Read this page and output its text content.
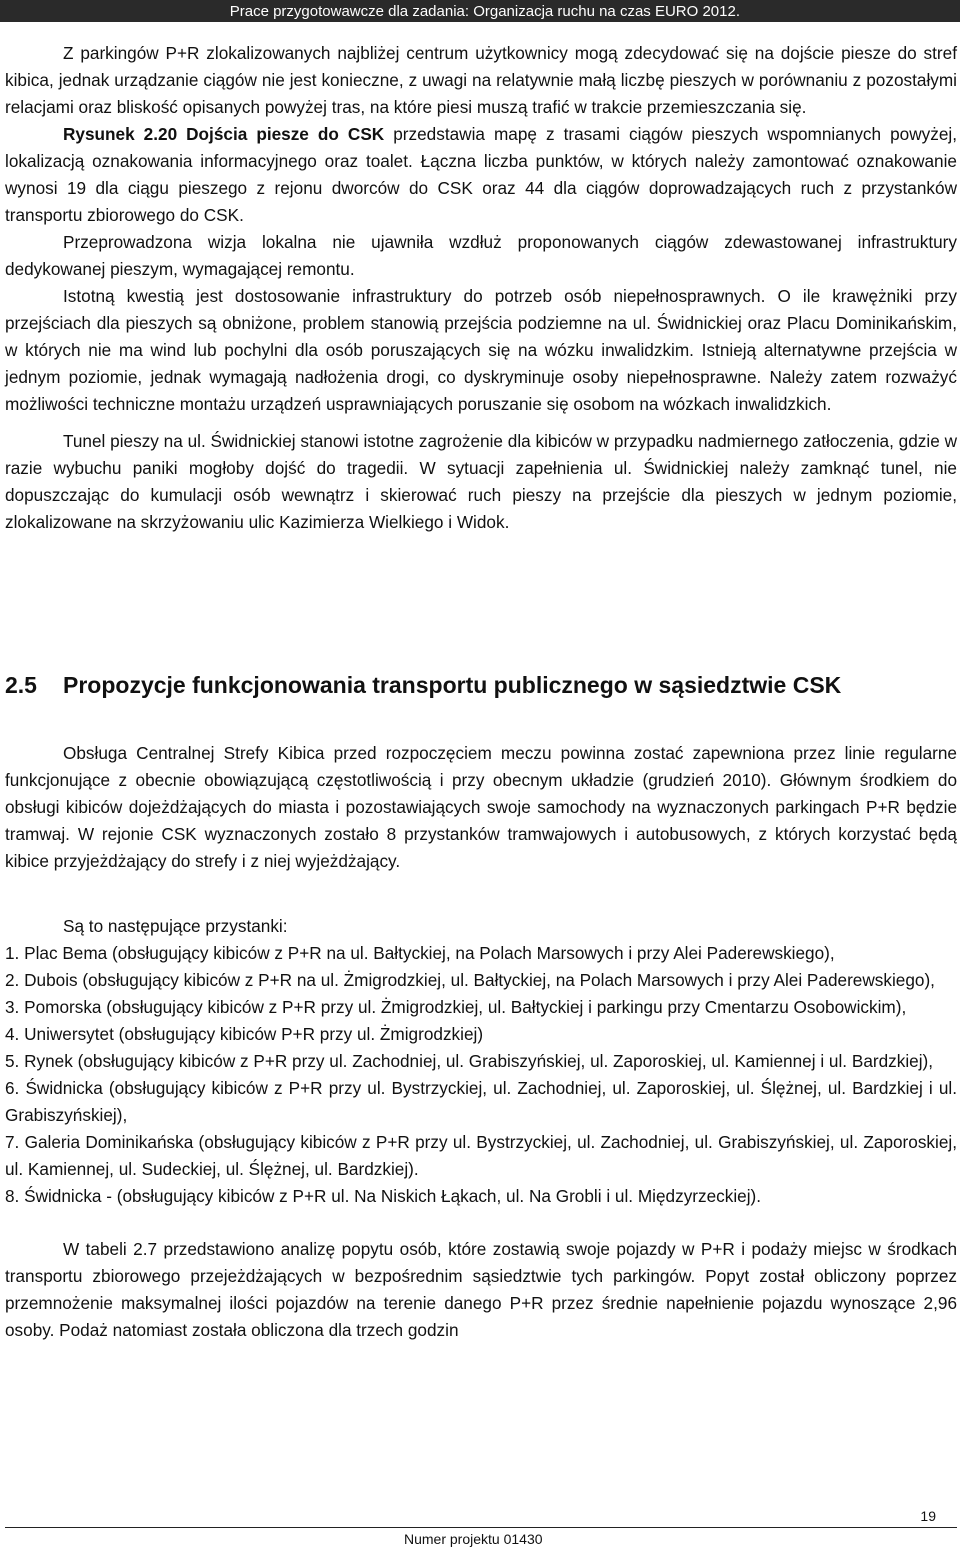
Prace przygotowawcze dla zadania: Organizacja ruchu na czas EURO 2012.

Z parkingów P+R zlokalizowanych najbliżej centrum użytkownicy mogą zdecydować się na dojście piesze do stref kibica, jednak urządzanie ciągów nie jest konieczne, z uwagi na relatywnie małą liczbę pieszych w porównaniu z pozostałymi relacjami oraz bliskość opisanych powyżej tras, na które piesi muszą trafić w trakcie przemieszczania się.

Rysunek 2.20 Dojścia piesze do CSK przedstawia mapę z trasami ciągów pieszych wspomnianych powyżej, lokalizacją oznakowania informacyjnego oraz toalet. Łączna liczba punktów, w których należy zamontować oznakowanie wynosi 19 dla ciągu pieszego z rejonu dworców do CSK oraz 44 dla ciągów doprowadzających ruch z przystanków transportu zbiorowego do CSK.

Przeprowadzona wizja lokalna nie ujawniła wzdłuż proponowanych ciągów zdewastowanej infrastruktury dedykowanej pieszym, wymagającej remontu.

Istotną kwestią jest dostosowanie infrastruktury do potrzeb osób niepełnosprawnych. O ile krawężniki przy przejściach dla pieszych są obniżone, problem stanowią przejścia podziemne na ul. Świdnickiej oraz Placu Dominikańskim, w których nie ma wind lub pochylni dla osób poruszających się na wózku inwalidzkim. Istnieją alternatywne przejścia w jednym poziomie, jednak wymagają nadłożenia drogi, co dyskryminuje osoby niepełnosprawne. Należy zatem rozważyć możliwości techniczne montażu urządzeń usprawniających poruszanie się osobom na wózkach inwalidzkich.

Tunel pieszy na ul. Świdnickiej stanowi istotne zagrożenie dla kibiców w przypadku nadmiernego zatłoczenia, gdzie w razie wybuchu paniki mogłoby dojść do tragedii. W sytuacji zapełnienia ul. Świdnickiej należy zamknąć tunel, nie dopuszczając do kumulacji osób wewnątrz i skierować ruch pieszy na przejście dla pieszych w jednym poziomie, zlokalizowane na skrzyżowaniu ulic Kazimierza Wielkiego i Widok.

2.5 Propozycje funkcjonowania transportu publicznego w sąsiedztwie CSK

Obsługa Centralnej Strefy Kibica przed rozpoczęciem meczu powinna zostać zapewniona przez linie regularne funkcjonujące z obecnie obowiązującą częstotliwością i przy obecnym układzie (grudzień 2010). Głównym środkiem do obsługi kibiców dojeżdżających do miasta i pozostawiających swoje samochody na wyznaczonych parkingach P+R będzie tramwaj. W rejonie CSK wyznaczonych zostało 8 przystanków tramwajowych i autobusowych, z których korzystać będą kibice przyjeżdżający do strefy i z niej wyjeżdżający.

Są to następujące przystanki:

1. Plac Bema (obsługujący kibiców z P+R na ul. Bałtyckiej, na Polach Marsowych i przy Alei Paderewskiego),

2. Dubois (obsługujący kibiców z P+R na ul. Żmigrodzkiej, ul. Bałtyckiej, na Polach Marsowych i przy Alei Paderewskiego),

3. Pomorska (obsługujący kibiców z P+R przy ul. Żmigrodzkiej, ul. Bałtyckiej i parkingu przy Cmentarzu Osobowickim),

4. Uniwersytet (obsługujący kibiców P+R przy ul. Żmigrodzkiej)

5. Rynek (obsługujący kibiców z P+R przy ul. Zachodniej, ul. Grabiszyńskiej, ul. Zaporoskiej, ul. Kamiennej i ul. Bardzkiej),

6. Świdnicka (obsługujący kibiców z P+R przy ul. Bystrzyckiej, ul. Zachodniej, ul. Zaporoskiej, ul. Ślężnej, ul. Bardzkiej i ul. Grabiszyńskiej),

7. Galeria Dominikańska (obsługujący kibiców z P+R przy ul. Bystrzyckiej, ul. Zachodniej, ul. Grabiszyńskiej, ul. Zaporoskiej, ul. Kamiennej, ul. Sudeckiej, ul. Ślężnej, ul. Bardzkiej).

8. Świdnicka - (obsługujący kibiców z P+R ul. Na Niskich Łąkach, ul. Na Grobli i ul. Międzyrzeckiej).

W tabeli 2.7 przedstawiono analizę popytu osób, które zostawią swoje pojazdy w P+R i podaży miejsc w środkach transportu zbiorowego przejeżdżających w bezpośrednim sąsiedztwie tych parkingów. Popyt został obliczony poprzez przemnożenie maksymalnej ilości pojazdów na terenie danego P+R przez średnie napełnienie pojazdu wynoszące 2,96 osoby. Podaż natomiast została obliczona dla trzech godzin

19
Numer projektu 01430
